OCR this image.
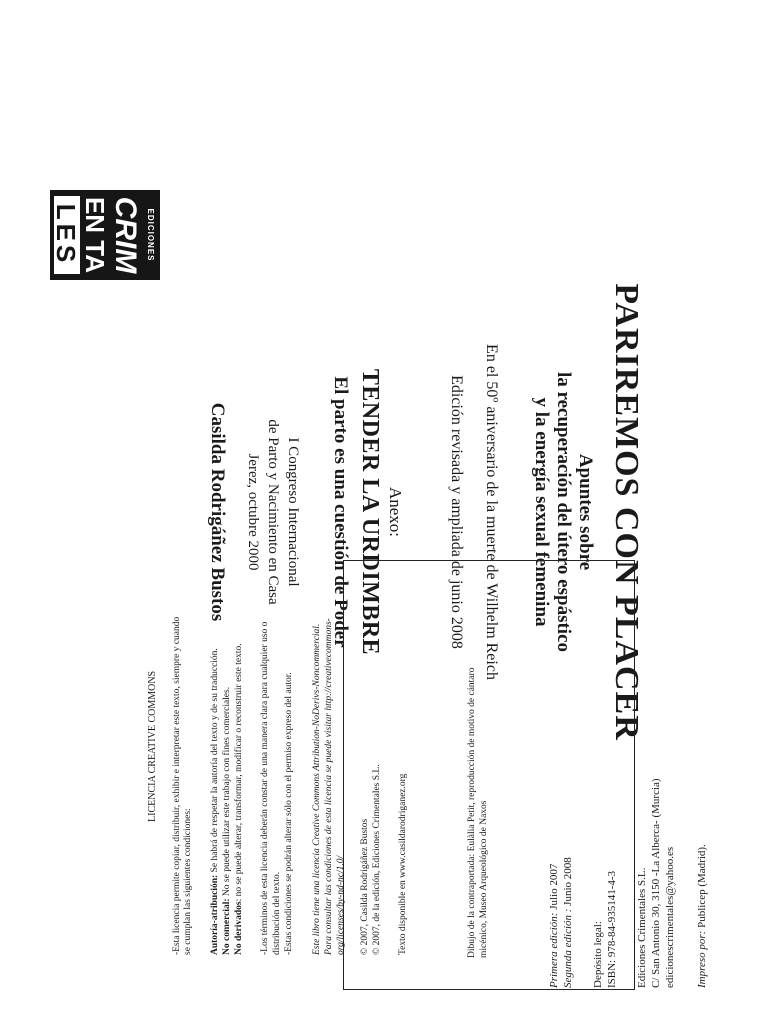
PARIREMOS CON PLACER
Apuntes sobre
la recuperación del útero espástico
y la energía sexual femenina
En el 50º aniversario de la muerte de Wilhelm Reich
Edición revisada y ampliada de junio 2008
Anexo:
TENDER LA URDIMBRE
El parto es una cuestión de Poder
I Congreso Internacional
de Parto y Nacimiento en Casa
Jerez, octubre 2000
Casilda Rodrigáñez Bustos
EDICIONES
CRIM
EN TA
LES
LICENCIA CREATIVE COMMONS -Esta licencia permite copiar, distribuir, exhibir e interpretar este texto, siempre y cuando se cumplan las siguientes condiciones: Autoría-atribución: Se habrá de respetar la autoría del texto y de su traducción.
No comercial: No se puede utilizar este trabajo con fines comerciales.
No derivados: no se puede alterar, transformar, modificar o reconstruir este texto. -Los términos de esta licencia deberán constar de una manera clara para cualquier uso o distribución del texto. -Estas condiciones se podrán alterar sólo con el permiso expreso del autor. Este libro tiene una licencia Creative Commons Attribution-NoDerivs-Noncommercial. Para consultar las condiciones de esta licencia se puede visitar http://creativecommons- org/licenses/by-nd-nc/1.0/ © 2007, Casilda Rodrigáñez Bustos © 2007, de la edición, Ediciones Crimentales S.L. Texto disponible en www.casildarodriganez.org	Dibujo de la contraportada: Eulàlia Petit, reproducción de motivo de cántaro micénico, Museo Arqueológico de Naxos	Primera edición: Julio 2007
Segunda edición : Junio 2008
Depósito legal: ISBN: 978-84-935141-4-3 Ediciones Crimentales S.L. C/ San Antonio 30, 3150 -La Alberca- (Murcia) edicionescrimentales@yahoo.es Impreso por: Publicep (Madrid).
